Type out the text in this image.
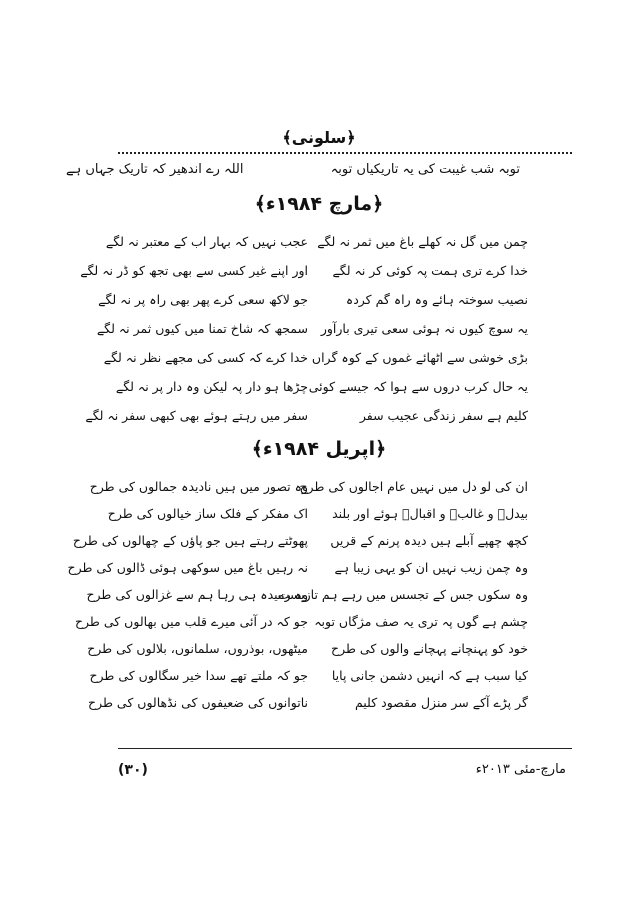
﴿سلونی﴾
توبہ شب غیبت کی یہ تاریکیاں توبہ
اللہ رے اندھیر کہ تاریک جہاں ہے
﴿مارچ ۱۹۸۴ء﴾
چمن میں گل نہ کھلے باغ میں ثمر نہ لگے
عجب نہیں کہ بہار اب کے معتبر نہ لگے
خدا کرے تری ہمت پہ کوئی کر نہ لگے
اور اپنے غیر کسی سے بھی تجھ کو ڈر نہ لگے
نصیب سوختہ ہائے وہ راہ گم کردہ
جو لاکھ سعی کرے پھر بھی راہ پر نہ لگے
یہ سوچ کیوں نہ ہوئی سعی تیری بارآور
سمجھ کہ شاخ تمنا میں کیوں ثمر نہ لگے
بڑی خوشی سے اٹھائے غموں کے کوہ گراں
خدا کرے کہ کسی کی مجھے نظر نہ لگے
یہ حال کرب دروں سے ہوا کہ جیسے کوئی
چڑھا ہو دار پہ لیکن وہ دار پر نہ لگے
کلیم ہے سفر زندگی عجیب سفر
سفر میں رہتے ہوئے بھی کبھی سفر نہ لگے
﴿اپریل ۱۹۸۴ء﴾
ان کی لو دل میں نہیں عام اجالوں کی طرح
وہ تصور میں ہیں نادیدہ جمالوں کی طرح
بیدلؔ و غالبؔ و اقبالؔ ہوئے اور بلند
اک مفکر کے فلک ساز خیالوں کی طرح
کچھ چھپے آبلے ہیں دیدہ پرنم کے قریں
پھوٹتے رہتے ہیں جو پاؤں کے چھالوں کی طرح
وہ چمن زیب نہیں ان کو یہی زیبا ہے
نہ رہیں باغ میں سوکھی ہوئی ڈالوں کی طرح
وہ سکوں جس کے تجسس میں رہے ہم تازیست
وہ رمیدہ ہی رہا ہم سے غزالوں کی طرح
چشم ہے گوں پہ تری یہ صف مژگاں توبہ
جو کہ در آئی میرے قلب میں بھالوں کی طرح
خود کو پہنچانے پہچانے والوں کی طرح
میٹھوں، بوذروں، سلمانوں، بلالوں کی طرح
کیا سبب ہے کہ انہیں دشمن جانی پایا
جو کہ ملتے تھے سدا خیر سگالوں کی طرح
گر پڑے آکے سر منزل مقصود کلیم
ناتوانوں کی ضعیفوں کی نڈھالوں کی طرح
(۳۰)	مارچ-مئی ۲۰۱۳ء
